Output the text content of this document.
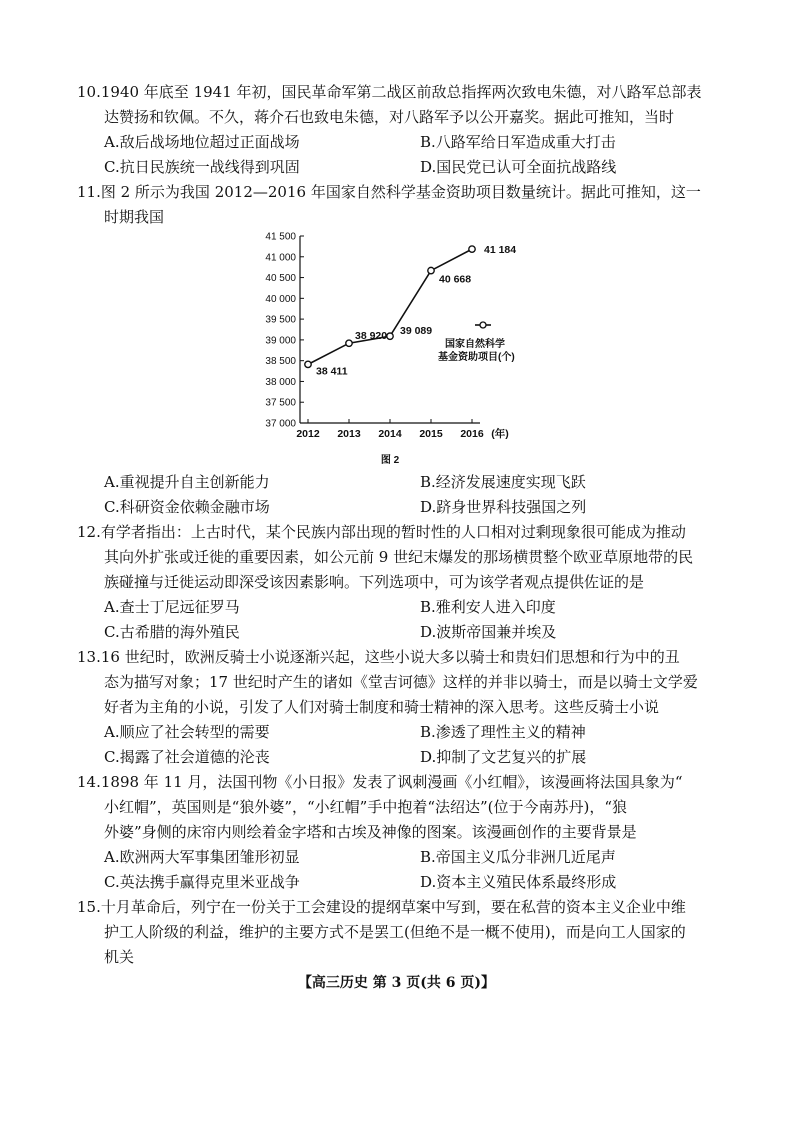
10.1940 年底至 1941 年初，国民革命军第二战区前敌总指挥两次致电朱德，对八路军总部表
达赞扬和钦佩。不久，蒋介石也致电朱德，对八路军予以公开嘉奖。据此可推知，当时
A.敌后战场地位超过正面战场	B.八路军给日军造成重大打击
C.抗日民族统一战线得到巩固	D.国民党已认可全面抗战路线
11.图 2 所示为我国 2012—2016 年国家自然科学基金资助项目数量统计。据此可推知，这一
时期我国
37 000
37 500
38 000
38 500
39 000
39 500
40 000
40 500
41 000
41 500
2012 2013 2014 2015 2016 (年)
38 411
38 920 39 089
40 668
41 184
国家自然科学
基金资助项目(个)
图 2
A.重视提升自主创新能力	B.经济发展速度实现飞跃
C.科研资金依赖金融市场	D.跻身世界科技强国之列
12.有学者指出：上古时代，某个民族内部出现的暂时性的人口相对过剩现象很可能成为推动
其向外扩张或迁徙的重要因素，如公元前 9 世纪末爆发的那场横贯整个欧亚草原地带的民
族碰撞与迁徙运动即深受该因素影响。下列选项中，可为该学者观点提供佐证的是
A.查士丁尼远征罗马	B.雅利安人进入印度
C.古希腊的海外殖民	D.波斯帝国兼并埃及
13.16 世纪时，欧洲反骑士小说逐渐兴起，这些小说大多以骑士和贵妇们思想和行为中的丑
态为描写对象；17 世纪时产生的诸如《堂吉诃德》这样的并非以骑士，而是以骑士文学爱
好者为主角的小说，引发了人们对骑士制度和骑士精神的深入思考。这些反骑士小说
A.顺应了社会转型的需要	B.渗透了理性主义的精神
C.揭露了社会道德的沦丧	D.抑制了文艺复兴的扩展
14.1898 年 11 月，法国刊物《小日报》发表了讽刺漫画《小红帽》，该漫画将法国具象为“
小红帽”，英国则是“狼外婆”，“小红帽”手中抱着“法绍达”(位于今南苏丹)，“狼
外婆”身侧的床帘内则绘着金字塔和古埃及神像的图案。该漫画创作的主要背景是
A.欧洲两大军事集团雏形初显	B.帝国主义瓜分非洲几近尾声
C.英法携手赢得克里米亚战争	D.资本主义殖民体系最终形成
15.十月革命后，列宁在一份关于工会建设的提纲草案中写到，要在私营的资本主义企业中维
护工人阶级的利益，维护的主要方式不是罢工(但绝不是一概不使用)，而是向工人国家的
机关
【高三历史 第 3 页(共 6 页)】
